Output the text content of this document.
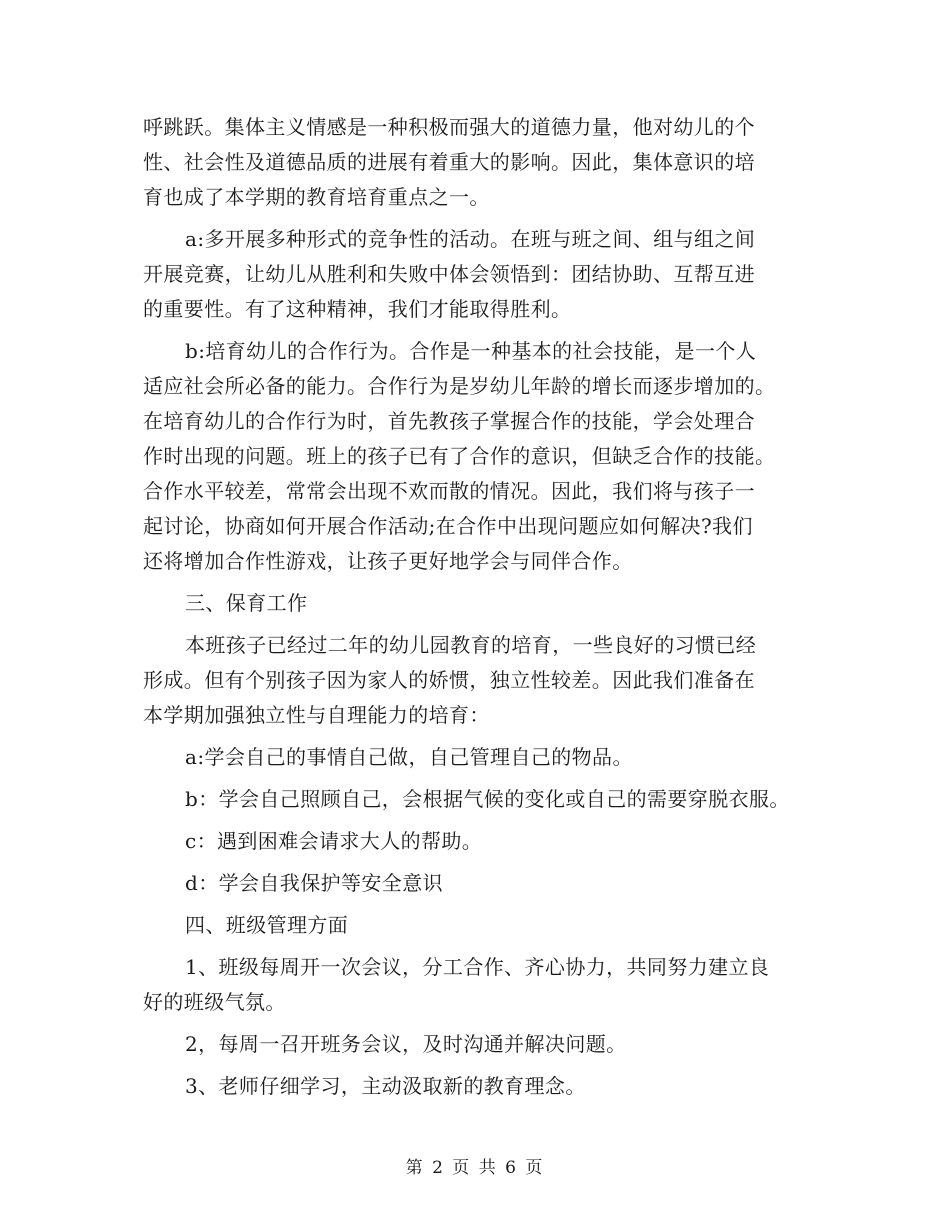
呼跳跃。集体主义情感是一种积极而强大的道德力量，他对幼儿的个
性、社会性及道德品质的进展有着重大的影响。因此，集体意识的培
育也成了本学期的教育培育重点之一。
a:多开展多种形式的竞争性的活动。在班与班之间、组与组之间
开展竞赛，让幼儿从胜利和失败中体会领悟到：团结协助、互帮互进
的重要性。有了这种精神，我们才能取得胜利。
b:培育幼儿的合作行为。合作是一种基本的社会技能，是一个人
适应社会所必备的能力。合作行为是岁幼儿年龄的增长而逐步增加的。
在培育幼儿的合作行为时，首先教孩子掌握合作的技能，学会处理合
作时出现的问题。班上的孩子已有了合作的意识，但缺乏合作的技能。
合作水平较差，常常会出现不欢而散的情况。因此，我们将与孩子一
起讨论，协商如何开展合作活动;在合作中出现问题应如何解决?我们
还将增加合作性游戏，让孩子更好地学会与同伴合作。
三、保育工作
本班孩子已经过二年的幼儿园教育的培育，一些良好的习惯已经
形成。但有个别孩子因为家人的娇惯，独立性较差。因此我们准备在
本学期加强独立性与自理能力的培育：
a:学会自己的事情自己做，自己管理自己的物品。
b：学会自己照顾自己，会根据气候的变化或自己的需要穿脱衣服。
c：遇到困难会请求大人的帮助。
d：学会自我保护等安全意识
四、班级管理方面
1、班级每周开一次会议，分工合作、齐心协力，共同努力建立良
好的班级气氛。
2，每周一召开班务会议，及时沟通并解决问题。
3、老师仔细学习，主动汲取新的教育理念。
第 2 页 共 6 页
